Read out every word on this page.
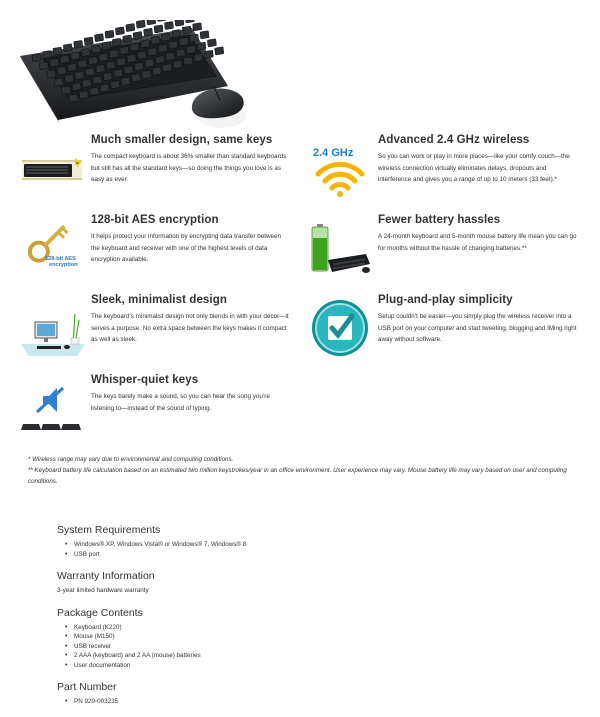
✂
Much smaller design, same keys

The compact keyboard is about 36% smaller than standard keyboards but still has all the standard keys—so doing the things you love is as easy as ever.

2.4 GHz
Advanced 2.4 GHz wireless

So you can work or play in more places—like your comfy couch—the wireless connection virtually eliminates delays, dropouts and interference and gives you a range of up to 10 meters (33 feet).*

128-bit AES
encryption
128-bit AES encryption

It helps protect your information by encrypting data transfer between the keyboard and receiver with one of the highest levels of data encryption available.

Fewer battery hassles

A 24-month keyboard and 5-month mouse battery life mean you can go for months without the hassle of changing batteries.**

Sleek, minimalist design

The keyboard’s minimalist design not only blends in with your décor—it serves a purpose. No extra space between the keys makes it compact as well as sleek.

Plug-and-play simplicity

Setup couldn’t be easier—you simply plug the wireless receiver into a USB port on your computer and start tweeting, blogging and IMing right away without software.

Whisper-quiet keys

The keys barely make a sound, so you can hear the song you’re listening to—instead of the sound of typing.

* Wireless range may vary due to environmental and computing conditions.
** Keyboard battery life calculation based on an estimated two million keystrokes/year in an office environment. User experience may vary. Mouse battery life may vary based on user and computing conditions.
System Requirements
• Windows® XP, Windows Vista® or Windows® 7, Windows® 8
• USB port
Warranty Information
3-year limited hardware warranty
Package Contents
• Keyboard (K220)
• Mouse (M150)
• USB receiver
• 2 AAA (keyboard) and 2 AA (mouse) batteries
• User documentation
Part Number
• PN 920-003235
